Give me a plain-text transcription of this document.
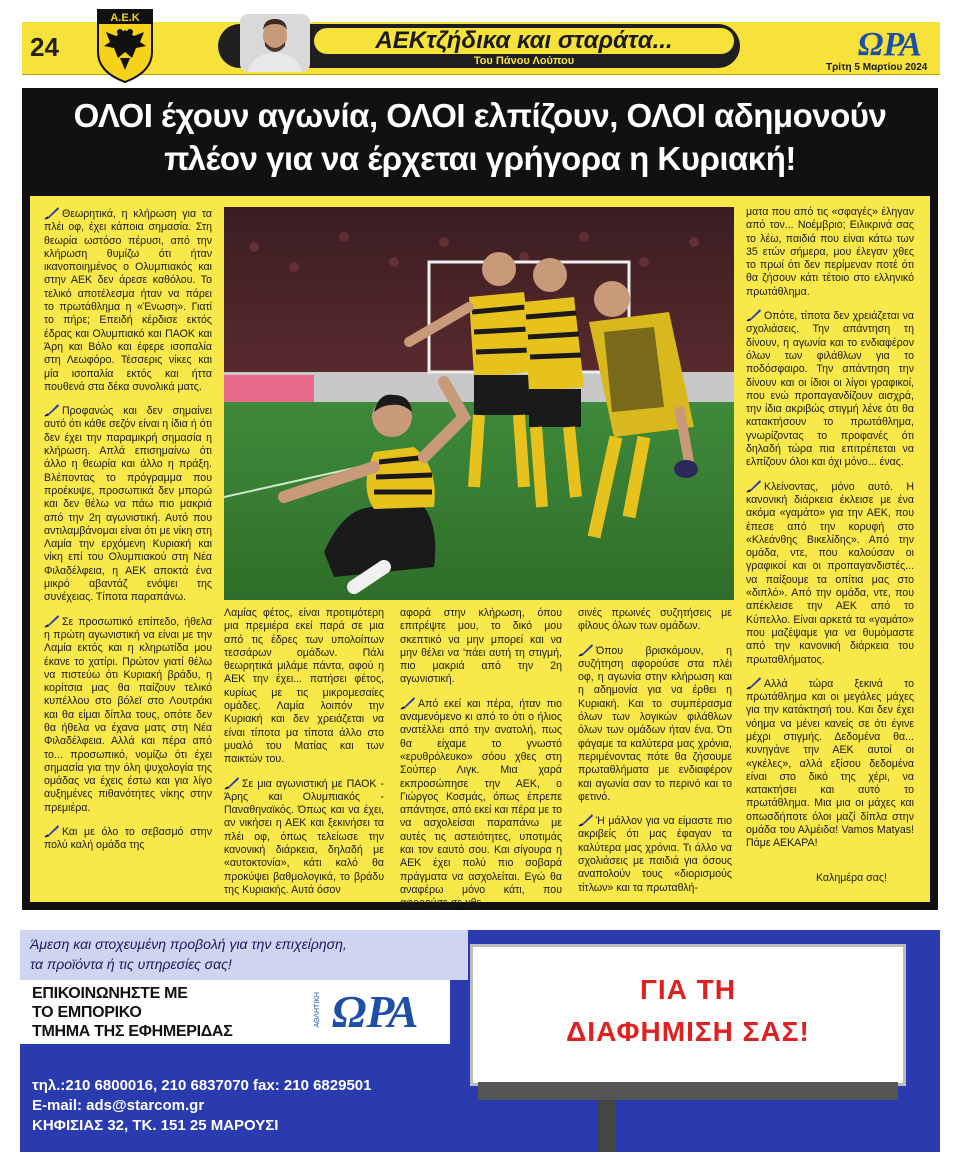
24
Α.Ε.Κ
ΑΕΚτζήδικα και σταράτα...
Του Πάνου Λούπου	ΩΡΑ
Τρίτη 5 Μαρτίου 2024
ΟΛΟΙ έχουν αγωνία, ΟΛΟΙ ελπίζουν, ΟΛΟΙ αδημονούν
πλέον για να έρχεται γρήγορα η Κυριακή!

Θεωρητικά, η κλήρωση για τα πλέι οφ, έχει κάποια σημασία. Στη θεωρία ωστόσο πέρυσι, από την κλήρωση θυμίζω ότι ήταν ικανοποιημένος ο Ολυμπιακός και στην ΑΕΚ δεν άρεσε καθόλου. Το τελικό αποτέλεσμα ήταν να πάρει το πρωτάθλημα η «Ένωση». Γιατί το πήρε; Επειδή κέρδισε εκτός έδρας και Ολυμπιακό και ΠΑΟΚ και Άρη και Βόλο και έφερε ισοπαλία στη Λεωφόρο. Τέσσερις νίκες και μία ισοπαλία εκτός και ήττα πουθενά στα δέκα συνολικά ματς.

Προφανώς και δεν σημαίνει αυτό ότι κάθε σεζόν είναι η ίδια ή ότι δεν έχει την παραμικρή σημασία η κλήρωση. Απλά επισημαίνω ότι άλλο η θεωρία και άλλο η πράξη. Βλέποντας το πρόγραμμα που προέκυψε, προσωπικά δεν μπορώ και δεν θέλω να πάω πιο μακριά από την 2η αγωνιστική. Αυτό που αντιλαμβάνομαι είναι ότι με νίκη στη Λαμία την ερχόμενη Κυριακή και νίκη επί του Ολυμπιακού στη Νέα Φιλαδέλφεια, η ΑΕΚ αποκτά ένα μικρό αβαντάζ ενόψει της συνέχειας. Τίποτα παραπάνω.

Σε προσωπικό επίπεδο, ήθελα η πρώτη αγωνιστική να είναι με την Λαμία εκτός και η κληρωτίδα μου έκανε το χατίρι. Πρώτον γιατί θέλω να πιστεύω ότι Κυριακή βράδυ, η κορίτσια μας θα παίζουν τελικό κυπέλλου στο βόλεϊ στο Λουτράκι και θα είμαι δίπλα τους, οπότε δεν θα ήθελα να έχανα ματς στη Νέα Φιλαδέλφεια. Αλλά και πέρα από το... προσωπικό, νομίζω ότι έχει σημασία για την όλη ψυχολογία της ομάδας να έχεις έστω και για λίγο αυξημένες πιθανότητες νίκης στην πρεμιέρα.

Και με όλο το σεβασμό στην πολύ καλή ομάδα της

Λαμίας φέτος, είναι προτιμότερη μια πρεμιέρα εκεί παρά σε μια από τις έδρες των υπολοίπων τεσσάρων ομάδων. Πάλι θεωρητικά μιλάμε πάντα, αφού η ΑΕΚ την έχει... πατήσει φέτος, κυρίως με τις μικρομεσαίες ομάδες. Λαμία λοιπόν την Κυριακή και δεν χρειάζεται να είναι τίποτα μα τίποτα άλλο στο μυαλό του Ματίας και των παικτών του.

Σε μια αγωνιστική με ΠΑΟΚ - Άρης και Ολυμπιακός - Παναθηναϊκός. Όπως και να έχει, αν νικήσει η ΑΕΚ και ξεκινήσει τα πλέι οφ, όπως τελείωσε την κανονική διάρκεια, δηλαδή με «αυτοκτονία», κάτι καλό θα προκύψει βαθμολογικά, το βράδυ της Κυριακής. Αυτά όσον

αφορά στην κλήρωση, όπου επιτρέψτε μου, το δικό μου σκεπτικό να μην μπορεί και να μην θέλει να 'πάει αυτή τη στιγμή, πιο μακριά από την 2η αγωνιστική.

Από εκεί και πέρα, ήταν πιο αναμενόμενο κι από το ότι ο ήλιος ανατέλλει από την ανατολή, πως θα είχαμε το γνωστό «ερυθρόλευκο» σόου χθες στη Σούπερ Λιγκ. Μια χαρά εκπροσώπησε την ΑΕΚ, ο Γιώργος Κοσμάς, όπως έπρεπε απάντησε, από εκεί και πέρα με το να ασχολείσαι παραπάνω με αυτές τις αστειότητες, υποτιμάς και τον εαυτό σου. Και σίγουρα η ΑΕΚ έχει πολύ πιο σοβαρά πράγματα να ασχολείται. Εγώ θα αναφέρω μόνο κάτι, που αφορούσε σε χθε-

σινές πρωινές συζητήσεις με φίλους όλων των ομάδων.

Όπου βρισκόμουν, η συζήτηση αφορούσε στα πλέι οφ, η αγωνία στην κλήρωση και η αδημονία για να έρθει η Κυριακή. Και το συμπέρασμα όλων των λογικών φιλάθλων όλων των ομάδων ήταν ένα. Ότι φάγαμε τα καλύτερα μας χρόνια, περιμένοντας πότε θα ζήσουμε πρωταθλήματα με ενδιαφέρον και αγωνία σαν το περινό και το φετινό.

Ή μάλλον για να είμαστε πιο ακριβείς ότι μας έφαγαν τα καλύτερα μας χρόνια. Τι άλλο να σχολιάσεις με παιδιά για όσους αναπολούν τους «διορισμούς τίτλων» και τα πρωταθλή-

ματα που από τις «σφαγές» έληγαν από τον... Νοέμβριο; Ειλικρινά σας το λέω, παιδιά που είναι κάτω των 35 ετών σήμερα, μου έλεγαν χθες το πρωί ότι δεν περίμεναν ποτέ ότι θα ζήσουν κάτι τέτοιο στο ελληνικό πρωτάθλημα.

Οπότε, τίποτα δεν χρειάζεται να σχολιάσεις. Την απάντηση τη δίνουν, η αγωνία και το ενδιαφέρον όλων των φιλάθλων για το ποδόσφαιρο. Την απάντηση την δίνουν και οι ίδιοι οι λίγοι γραφικοί, που ενώ προπαγανδίζουν αισχρά, την ίδια ακριβώς στιγμή λένε ότι θα κατακτήσουν το πρωτάθλημα, γνωρίζοντας το προφανές ότι δηλαδή τώρα πια επιτρέπεται να ελπίζουν όλοι και όχι μόνο... ένας.

Κλείνοντας, μόνο αυτό. Η κανονική διάρκεια έκλεισε με ένα ακόμα «γαμάτο» για την ΑΕΚ, που έπεσε από την κορυφή στο «Κλεάνθης Βικελίδης». Από την ομάδα, ντε, που καλούσαν οι γραφικοί και οι προπαγανδιστές... να παίξουμε τα οπίτια μας στο «διπλό». Από την ομάδα, ντε, που απέκλεισε την ΑΕΚ από το Κύπελλο. Είναι αρκετά τα «γαμάτο» που μαζέψαμε για να θυμόμαστε από την κανονική διάρκεια του πρωταθλήματος.

Αλλά τώρα ξεκινά το πρωτάθλημα και οι μεγάλες μάχες για την κατάκτησή του. Και δεν έχει νόημα να μένει κανείς σε ότι έγινε μέχρι στιγμής. Δεδομένα θα... κυνηγάνε την ΑΕΚ αυτοί οι «γκέλες», αλλά εξίσου δεδομένα είναι στο δικό της χέρι, να κατακτήσει και αυτό το πρωτάθλημα. Μια μια οι μάχες και οπωσδήποτε όλοι μαζί δίπλα στην ομάδα του Αλμέιδα! Vamos Matyas! Πάμε ΑΕΚΑΡΑ!

Καλημέρα σας!
Άμεση και στοχευμένη προβολή για την επιχείρηση,
τα προϊόντα ή τις υπηρεσίες σας!
ΕΠΙΚΟΙΝΩΝΗΣΤΕ ΜΕ
ΤΟ ΕΜΠΟΡΙΚΟ
ΤΜΗΜΑ ΤΗΣ ΕΦΗΜΕΡΙΔΑΣ
ΑΘΛΗΤΙΚΗ ΩΡΑ
τηλ.:210 6800016, 210 6837070 fax: 210 6829501
E-mail: ads@starcom.gr
ΚΗΦΙΣΙΑΣ 32, ΤΚ. 151 25 ΜΑΡΟΥΣΙ
ΓΙΑ ΤΗ
ΔΙΑΦΗΜΙΣΗ ΣΑΣ!
